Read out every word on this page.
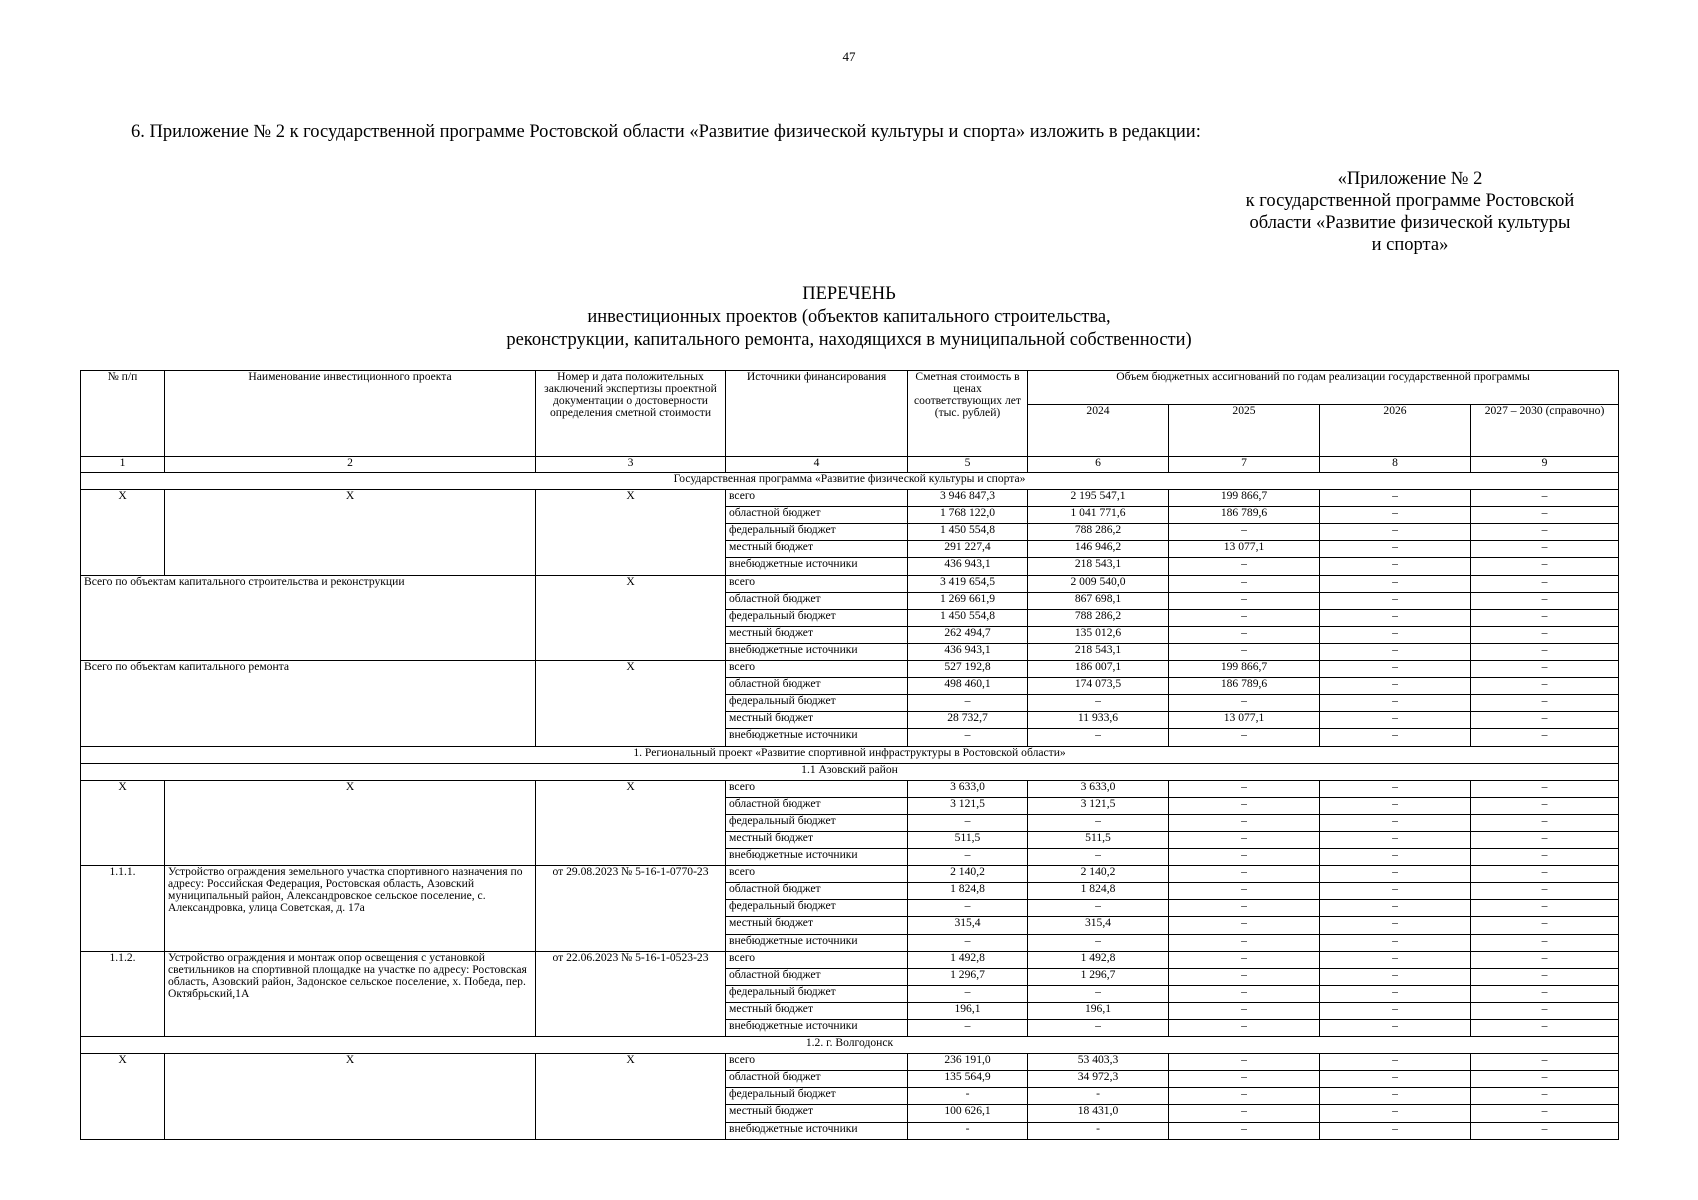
47
6. Приложение № 2 к государственной программе Ростовской области «Развитие физической культуры и спорта» изложить в редакции:
«Приложение № 2
к государственной программе Ростовской
области «Развитие физической культуры
и спорта»
ПЕРЕЧЕНЬ
инвестиционных проектов (объектов капитального строительства,
реконструкции, капитального ремонта, находящихся в муниципальной собственности)
№ п/п	Наименование инвестиционного проекта	Номер и дата положительных заключений экспертизы проектной документации о достоверности определения сметной стоимости	Источники финансирования	Сметная стоимость в ценах соответствующих лет (тыс. рублей)	Объем бюджетных ассигнований по годам реализации государственной программы			
					2024	2025	2026	2027 – 2030 (справочно)
1	2	3	4	5	6	7	8	9
Государственная программа «Развитие физической культуры и спорта»								
X	X	X	всего	3 946 847,3	2 195 547,1	199 866,7	–	–
			областной бюджет	1 768 122,0	1 041 771,6	186 789,6	–	–
			федеральный бюджет	1 450 554,8	788 286,2	–	–	–
			местный бюджет	291 227,4	146 946,2	13 077,1	–	–
			внебюджетные источники	436 943,1	218 543,1	–	–	–
Всего по объектам капитального строительства и реконструкции		X	всего	3 419 654,5	2 009 540,0	–	–	–
			областной бюджет	1 269 661,9	867 698,1	–	–	–
			федеральный бюджет	1 450 554,8	788 286,2	–	–	–
			местный бюджет	262 494,7	135 012,6	–	–	–
			внебюджетные источники	436 943,1	218 543,1	–	–	–
Всего по объектам капитального ремонта		X	всего	527 192,8	186 007,1	199 866,7	–	–
			областной бюджет	498 460,1	174 073,5	186 789,6	–	–
			федеральный бюджет	–	–	–	–	–
			местный бюджет	28 732,7	11 933,6	13 077,1	–	–
			внебюджетные источники	–	–	–	–	–
1. Региональный проект «Развитие спортивной инфраструктуры в Ростовской области»								
1.1 Азовский район								
X	X	X	всего	3 633,0	3 633,0	–	–	–
			областной бюджет	3 121,5	3 121,5	–	–	–
			федеральный бюджет	–	–	–	–	–
			местный бюджет	511,5	511,5	–	–	–
			внебюджетные источники	–	–	–	–	–
1.1.1.	Устройство ограждения земельного участка спортивного назначения по адресу: Российская Федерация, Ростовская область, Азовский муниципальный район, Александровское сельское поселение, с. Александровка, улица Советская, д. 17а	от 29.08.2023 № 5-16-1-0770-23	всего	2 140,2	2 140,2	–	–	–
			областной бюджет	1 824,8	1 824,8	–	–	–
			федеральный бюджет	–	–	–	–	–
			местный бюджет	315,4	315,4	–	–	–
			внебюджетные источники	–	–	–	–	–
1.1.2.	Устройство ограждения и монтаж опор освещения с установкой светильников на спортивной площадке на участке по адресу: Ростовская область, Азовский район, Задонское сельское поселение, х. Победа, пер. Октябрьский,1А	от 22.06.2023 № 5-16-1-0523-23	всего	1 492,8	1 492,8	–	–	–
			областной бюджет	1 296,7	1 296,7	–	–	–
			федеральный бюджет	–	–	–	–	–
			местный бюджет	196,1	196,1	–	–	–
			внебюджетные источники	–	–	–	–	–
1.2. г. Волгодонск								
X	X	X	всего	236 191,0	53 403,3	–	–	–
			областной бюджет	135 564,9	34 972,3	–	–	–
			федеральный бюджет	-	-	–	–	–
			местный бюджет	100 626,1	18 431,0	–	–	–
			внебюджетные источники	-	-	–	–	–
